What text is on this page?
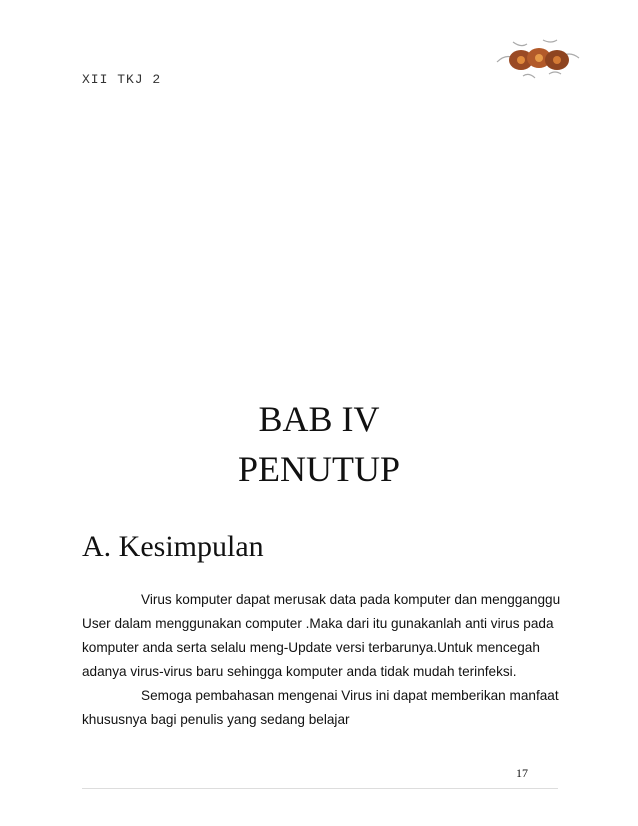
XII TKJ 2
BAB IV
PENUTUP
A. Kesimpulan

Virus komputer dapat merusak data pada komputer dan mengganggu User dalam menggunakan computer .Maka dari itu gunakanlah anti virus pada komputer anda serta selalu meng-Update versi terbarunya.Untuk mencegah adanya virus-virus baru sehingga komputer anda tidak mudah terinfeksi.

Semoga pembahasan mengenai Virus ini dapat memberikan manfaat khususnya bagi penulis yang sedang belajar

17
